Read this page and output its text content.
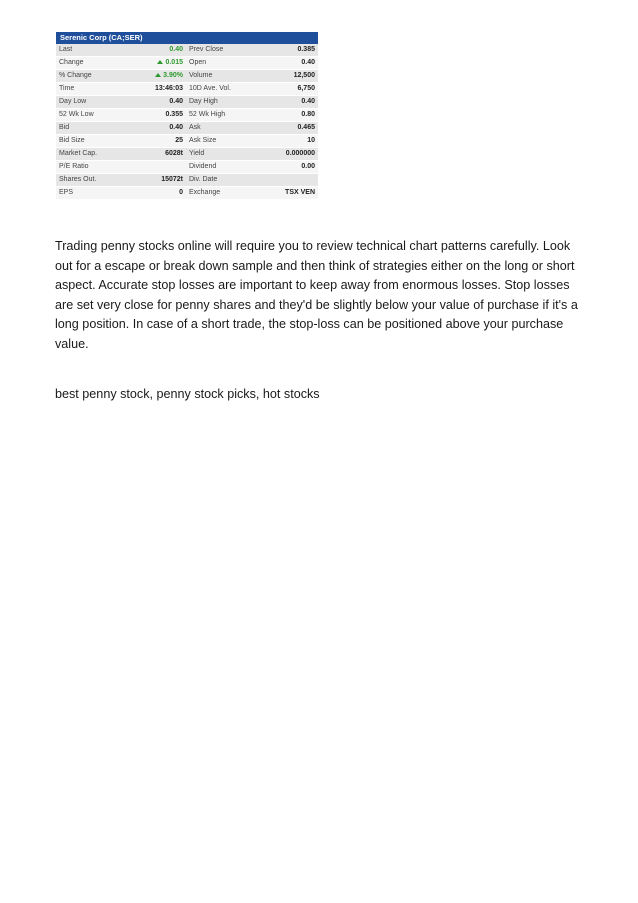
Serenic Corp (CA;SER)
Last	0.40	Prev Close	0.385
Change	0.015	Open	0.40
% Change	3.90%	Volume	12,500
Time	13:46:03	10D Ave. Vol.	6,750
Day Low	0.40	Day High	0.40
52 Wk Low	0.355	52 Wk High	0.80
Bid	0.40	Ask	0.465
Bid Size	25	Ask Size	10
Market Cap.	6028t	Yield	0.000000
P/E Ratio		Dividend	0.00
Shares Out.	15072t	Div. Date	
EPS	0	Exchange	TSX VEN

Trading penny stocks online will require you to review technical chart patterns carefully. Look out for a escape or break down sample and then think of strategies either on the long or short aspect. Accurate stop losses are important to keep away from enormous losses. Stop losses are set very close for penny shares and they'd be slightly below your value of purchase if it's a long position. In case of a short trade, the stop-loss can be positioned above your purchase value.

best penny stock, penny stock picks, hot stocks
